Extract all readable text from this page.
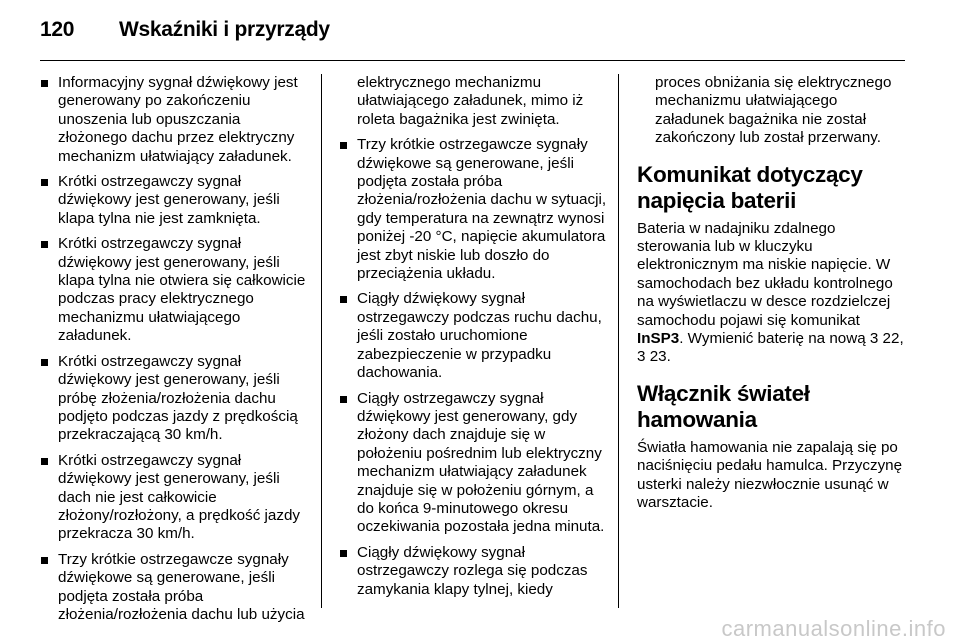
120 Wskaźniki i przyrządy
Informacyjny sygnał dźwiękowy jest generowany po zakończeniu unoszenia lub opuszczania złożonego dachu przez elektryczny mechanizm ułatwiający załadunek.
Krótki ostrzegawczy sygnał dźwiękowy jest generowany, jeśli klapa tylna nie jest zamknięta.
Krótki ostrzegawczy sygnał dźwiękowy jest generowany, jeśli klapa tylna nie otwiera się całkowicie podczas pracy elektrycznego mechanizmu ułatwiającego załadunek.
Krótki ostrzegawczy sygnał dźwiękowy jest generowany, jeśli próbę złożenia/rozłożenia dachu podjęto podczas jazdy z prędkością przekraczającą 30 km/h.
Krótki ostrzegawczy sygnał dźwiękowy jest generowany, jeśli dach nie jest całkowicie złożony/rozłożony, a prędkość jazdy przekracza 30 km/h.
Trzy krótkie ostrzegawcze sygnały dźwiękowe są generowane, jeśli podjęta została próba złożenia/rozłożenia dachu lub użycia

elektrycznego mechanizmu ułatwiającego załadunek, mimo iż roleta bagażnika jest zwinięta.

Trzy krótkie ostrzegawcze sygnały dźwiękowe są generowane, jeśli podjęta została próba złożenia/rozłożenia dachu w sytuacji, gdy temperatura na zewnątrz wynosi poniżej -20 °C, napięcie akumulatora jest zbyt niskie lub doszło do przeciążenia układu.
Ciągły dźwiękowy sygnał ostrzegawczy podczas ruchu dachu, jeśli zostało uruchomione zabezpieczenie w przypadku dachowania.
Ciągły ostrzegawczy sygnał dźwiękowy jest generowany, gdy złożony dach znajduje się w położeniu pośrednim lub elektryczny mechanizm ułatwiający załadunek znajduje się w położeniu górnym, a do końca 9-minutowego okresu oczekiwania pozostała jedna minuta.
Ciągły dźwiękowy sygnał ostrzegawczy rozlega się podczas zamykania klapy tylnej, kiedy

proces obniżania się elektrycznego mechanizmu ułatwiającego załadunek bagażnika nie został zakończony lub został przerwany.

Komunikat dotyczący napięcia baterii

Bateria w nadajniku zdalnego sterowania lub w kluczyku elektronicznym ma niskie napięcie. W samochodach bez układu kontrolnego na wyświetlaczu w desce rozdzielczej samochodu pojawi się komunikat InSP3. Wymienić baterię na nową 3 22, 3 23.

Włącznik świateł hamowania

Światła hamowania nie zapalają się po naciśnięciu pedału hamulca. Przyczynę usterki należy niezwłocznie usunąć w warsztacie.

carmanualsonline.info
